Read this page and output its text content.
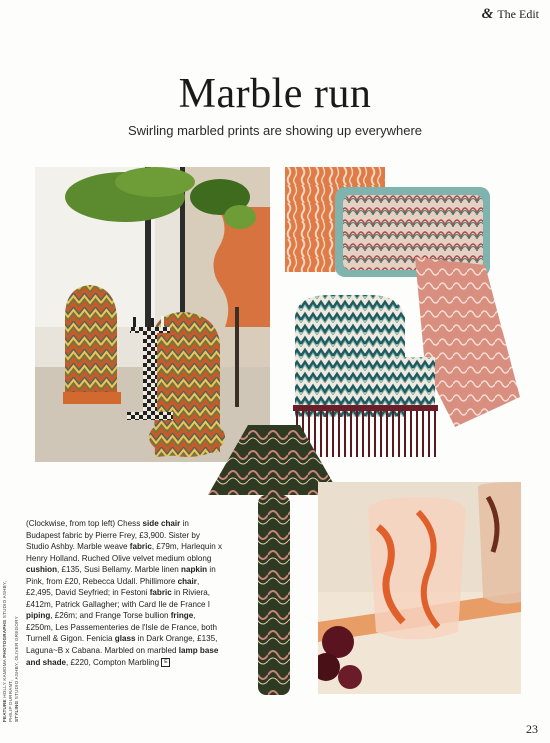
& The Edit
Marble run
Swirling marbled prints are showing up everywhere
(Clockwise, from top left) Chess side chair in Budapest fabric by Pierre Frey, £3,900. Sister by Studio Ashby. Marble weave fabric, £79m, Harlequin x Henry Holland. Ruched Olive velvet medium oblong cushion, £135, Susi Bellamy. Marble linen napkin in Pink, from £20, Rebecca Udall. Phillimore chair, £2,495, David Seyfried; in Festoni fabric in Riviera, £412m, Patrick Gallagher; with Card Ile de France I piping, £26m; and Frange Torse bullion fringe, £250m, Les Passementeries de l'Isle de France, both Turnell & Gigon. Fenicia glass in Dark Orange, £135, Laguna~B x Cabana. Marbled on marbled lamp base and shade, £220, Compton Marbling E
FEATURE HOLLY KAMOMA PHOTOGRAPHS STUDIO ASHBY, PHILIP DURRANT,
STYLING STUDIO ASHBY, OLIVER GREGORY
23
